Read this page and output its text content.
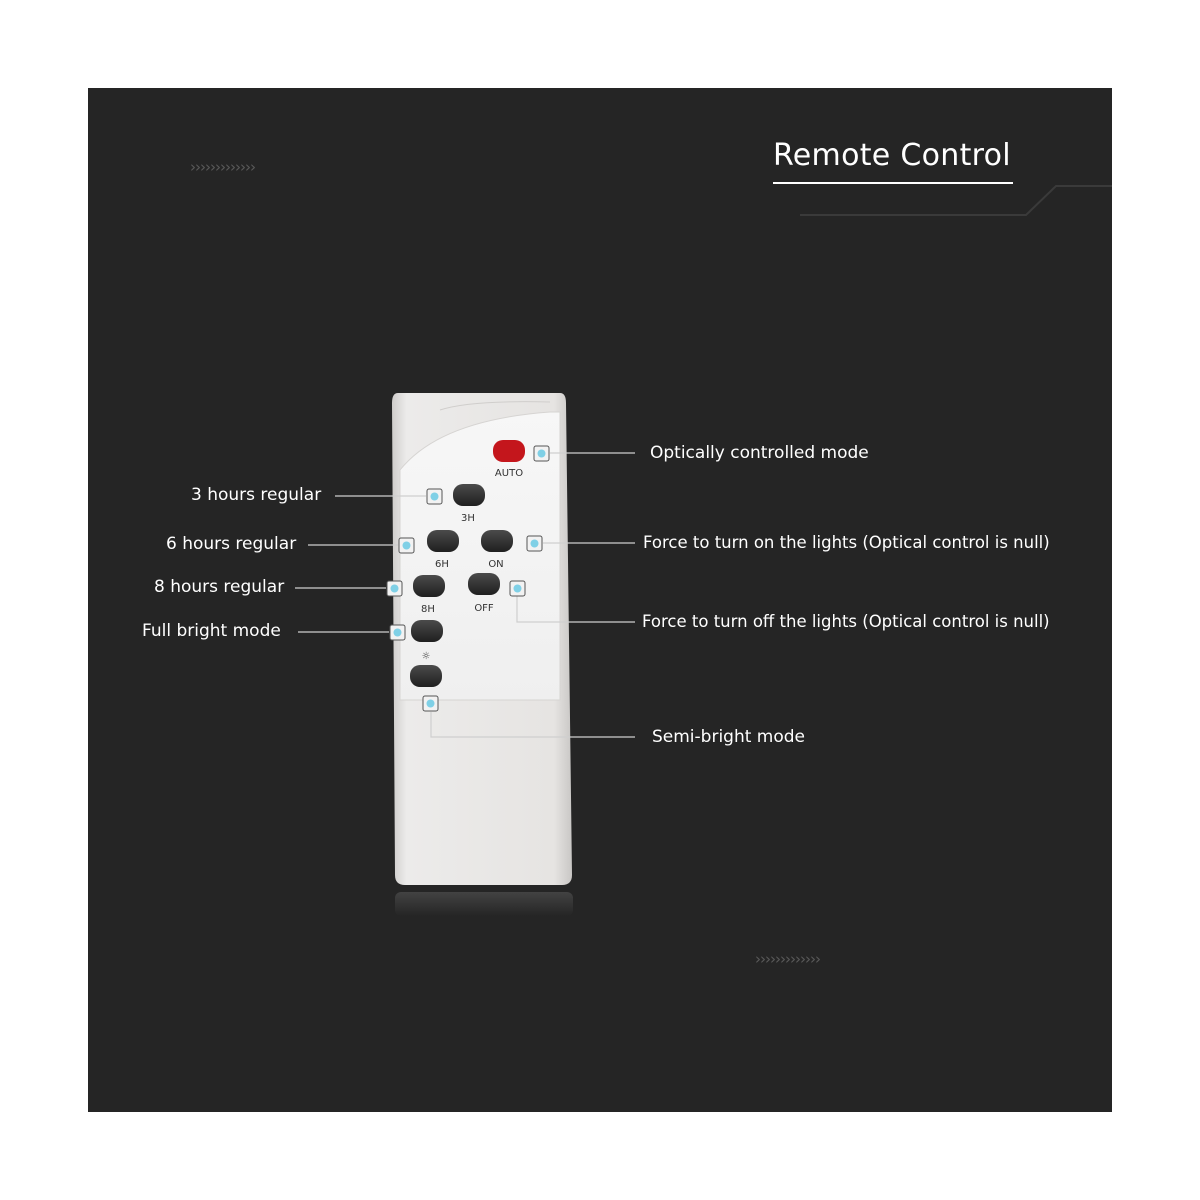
Remote Control
›››››››››››››
›››››››››››››
AUTO
3H
6H	ON
8H	OFF
☼
Optically controlled mode
3 hours regular
6 hours regular
8 hours regular
Full bright mode
Force to turn on the lights (Optical control is null)
Force to turn off the lights (Optical control is null)
Semi-bright mode
